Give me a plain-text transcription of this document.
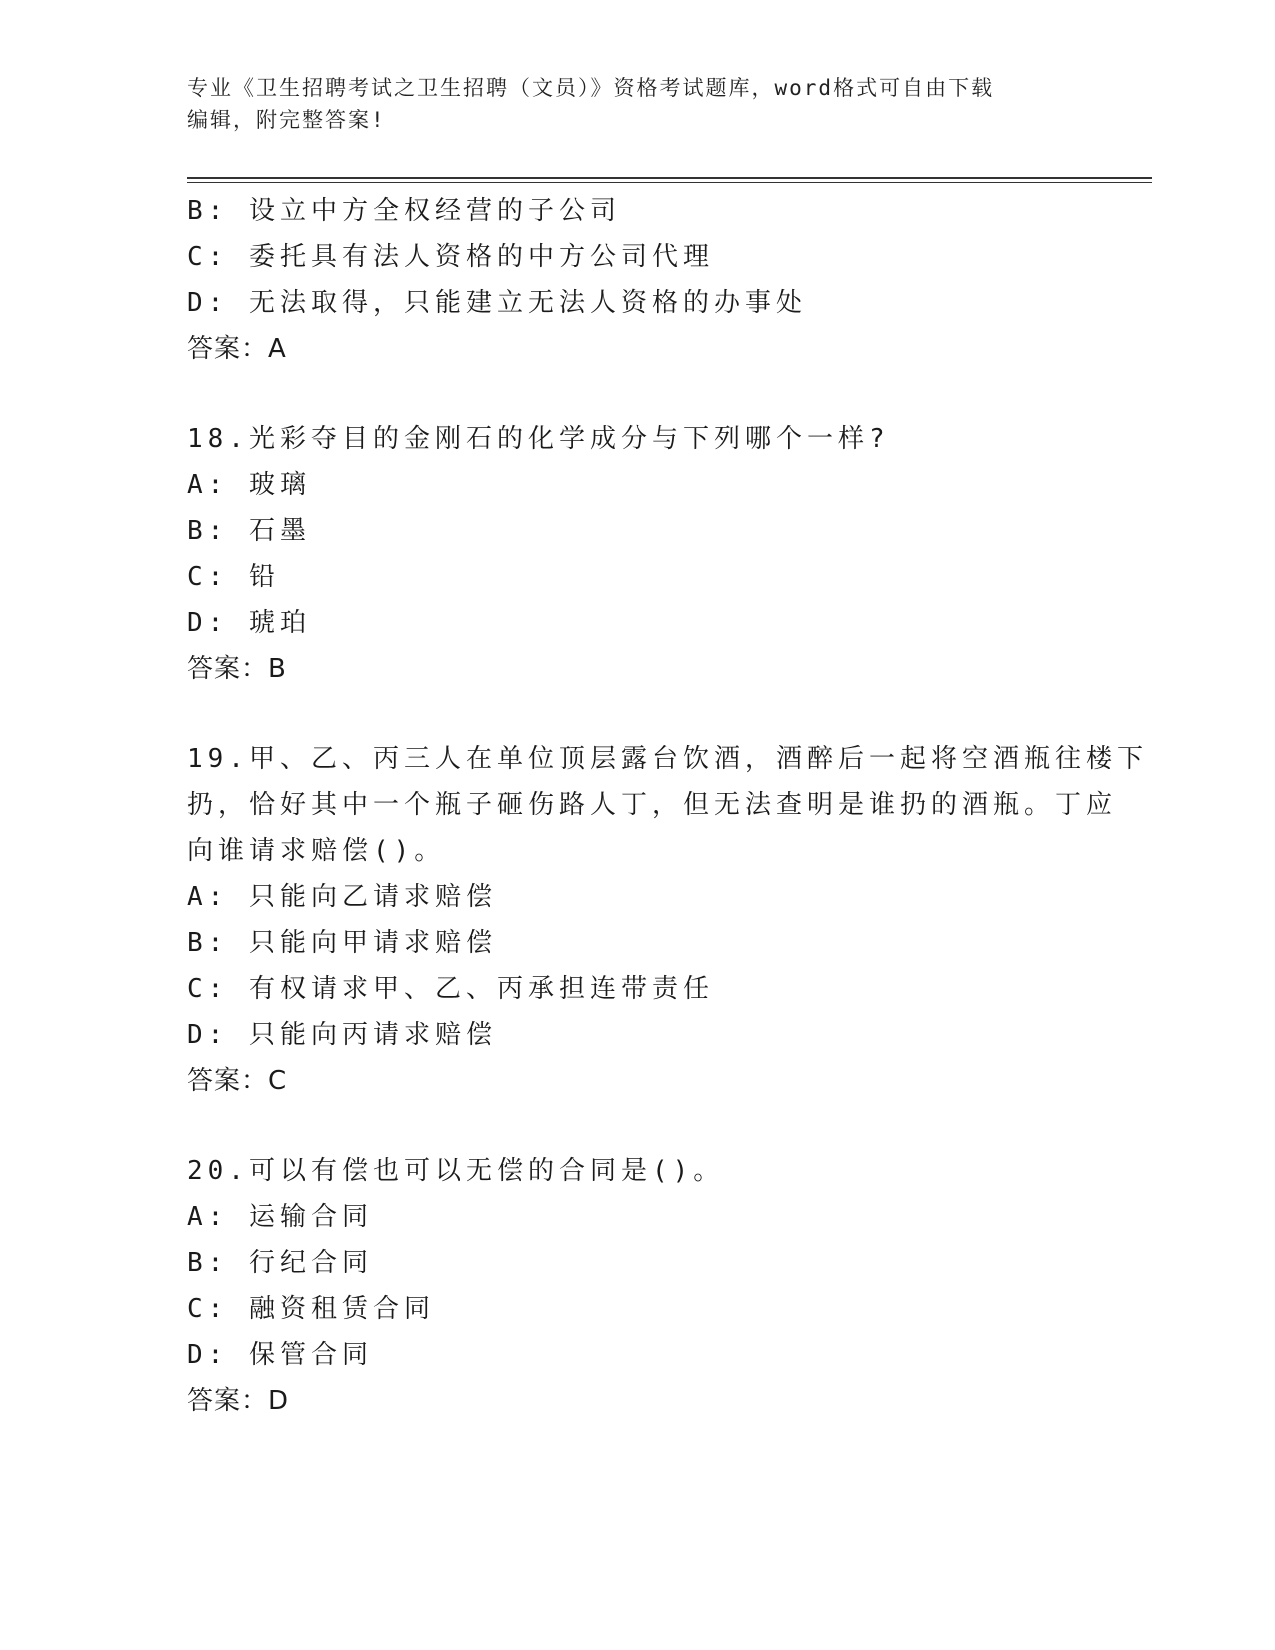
专业《卫生招聘考试之卫生招聘（文员）》资格考试题库，word格式可自由下载
编辑，附完整答案!
B: 设立中方全权经营的子公司
C: 委托具有法人资格的中方公司代理
D: 无法取得，只能建立无法人资格的办事处
答案：A
18.光彩夺目的金刚石的化学成分与下列哪个一样?
A: 玻璃
B: 石墨
C: 铅
D: 琥珀
答案：B
19.甲、乙、丙三人在单位顶层露台饮酒，酒醉后一起将空酒瓶往楼下
扔，恰好其中一个瓶子砸伤路人丁，但无法查明是谁扔的酒瓶。丁应
向谁请求赔偿()。
A: 只能向乙请求赔偿
B: 只能向甲请求赔偿
C: 有权请求甲、乙、丙承担连带责任
D: 只能向丙请求赔偿
答案：C
20.可以有偿也可以无偿的合同是()。
A: 运输合同
B: 行纪合同
C: 融资租赁合同
D: 保管合同
答案：D
